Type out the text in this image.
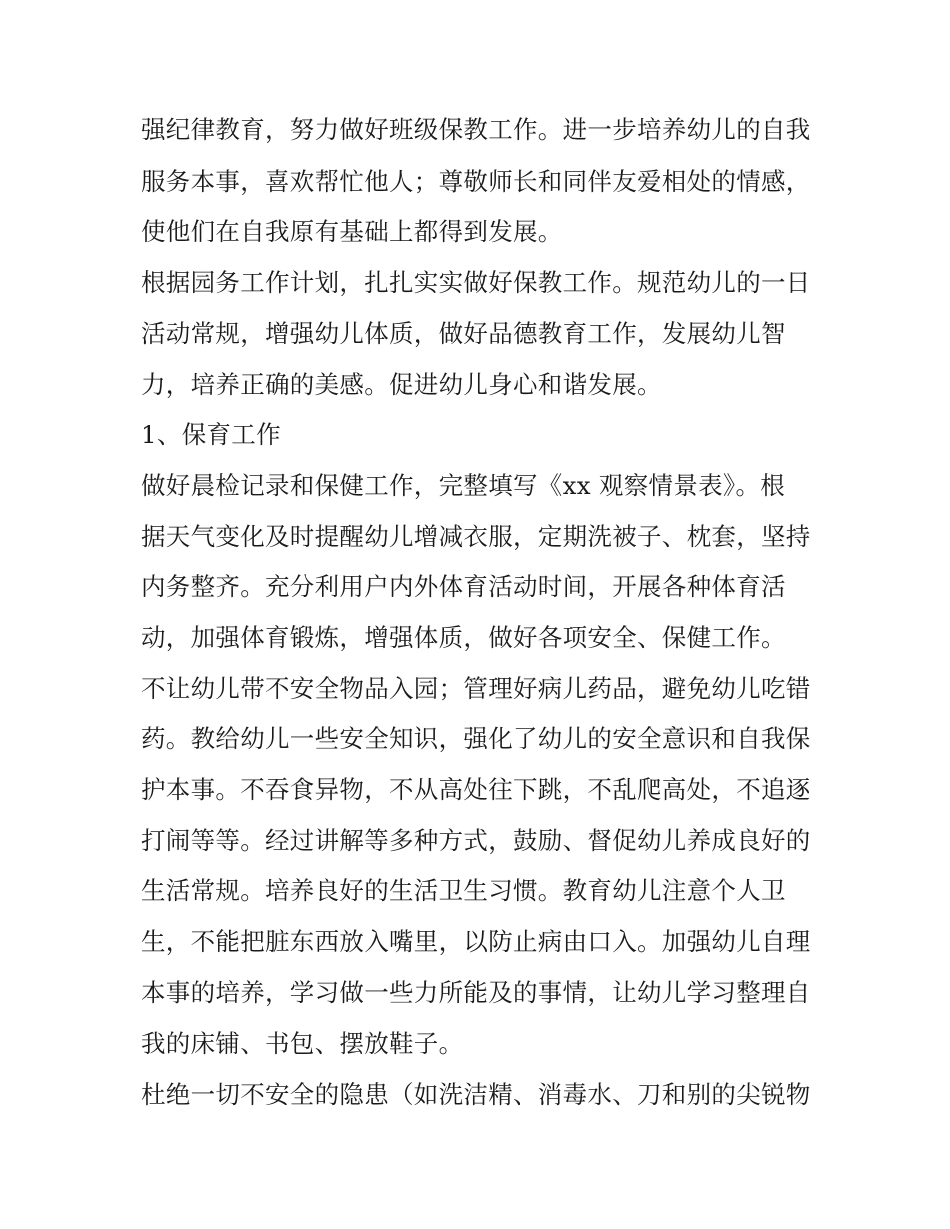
强纪律教育，努力做好班级保教工作。进一步培养幼儿的自我
服务本事，喜欢帮忙他人；尊敬师长和同伴友爱相处的情感，
使他们在自我原有基础上都得到发展。
根据园务工作计划，扎扎实实做好保教工作。规范幼儿的一日
活动常规，增强幼儿体质，做好品德教育工作，发展幼儿智
力，培养正确的美感。促进幼儿身心和谐发展。
1、保育工作
做好晨检记录和保健工作，完整填写《xx 观察情景表》。根
据天气变化及时提醒幼儿增减衣服，定期洗被子、枕套，坚持
内务整齐。充分利用户内外体育活动时间，开展各种体育活
动，加强体育锻炼，增强体质，做好各项安全、保健工作。
不让幼儿带不安全物品入园；管理好病儿药品，避免幼儿吃错
药。教给幼儿一些安全知识，强化了幼儿的安全意识和自我保
护本事。不吞食异物，不从高处往下跳，不乱爬高处，不追逐
打闹等等。经过讲解等多种方式，鼓励、督促幼儿养成良好的
生活常规。培养良好的生活卫生习惯。教育幼儿注意个人卫
生，不能把脏东西放入嘴里，以防止病由口入。加强幼儿自理
本事的培养，学习做一些力所能及的事情，让幼儿学习整理自
我的床铺、书包、摆放鞋子。
杜绝一切不安全的隐患（如洗洁精、消毒水、刀和别的尖锐物
